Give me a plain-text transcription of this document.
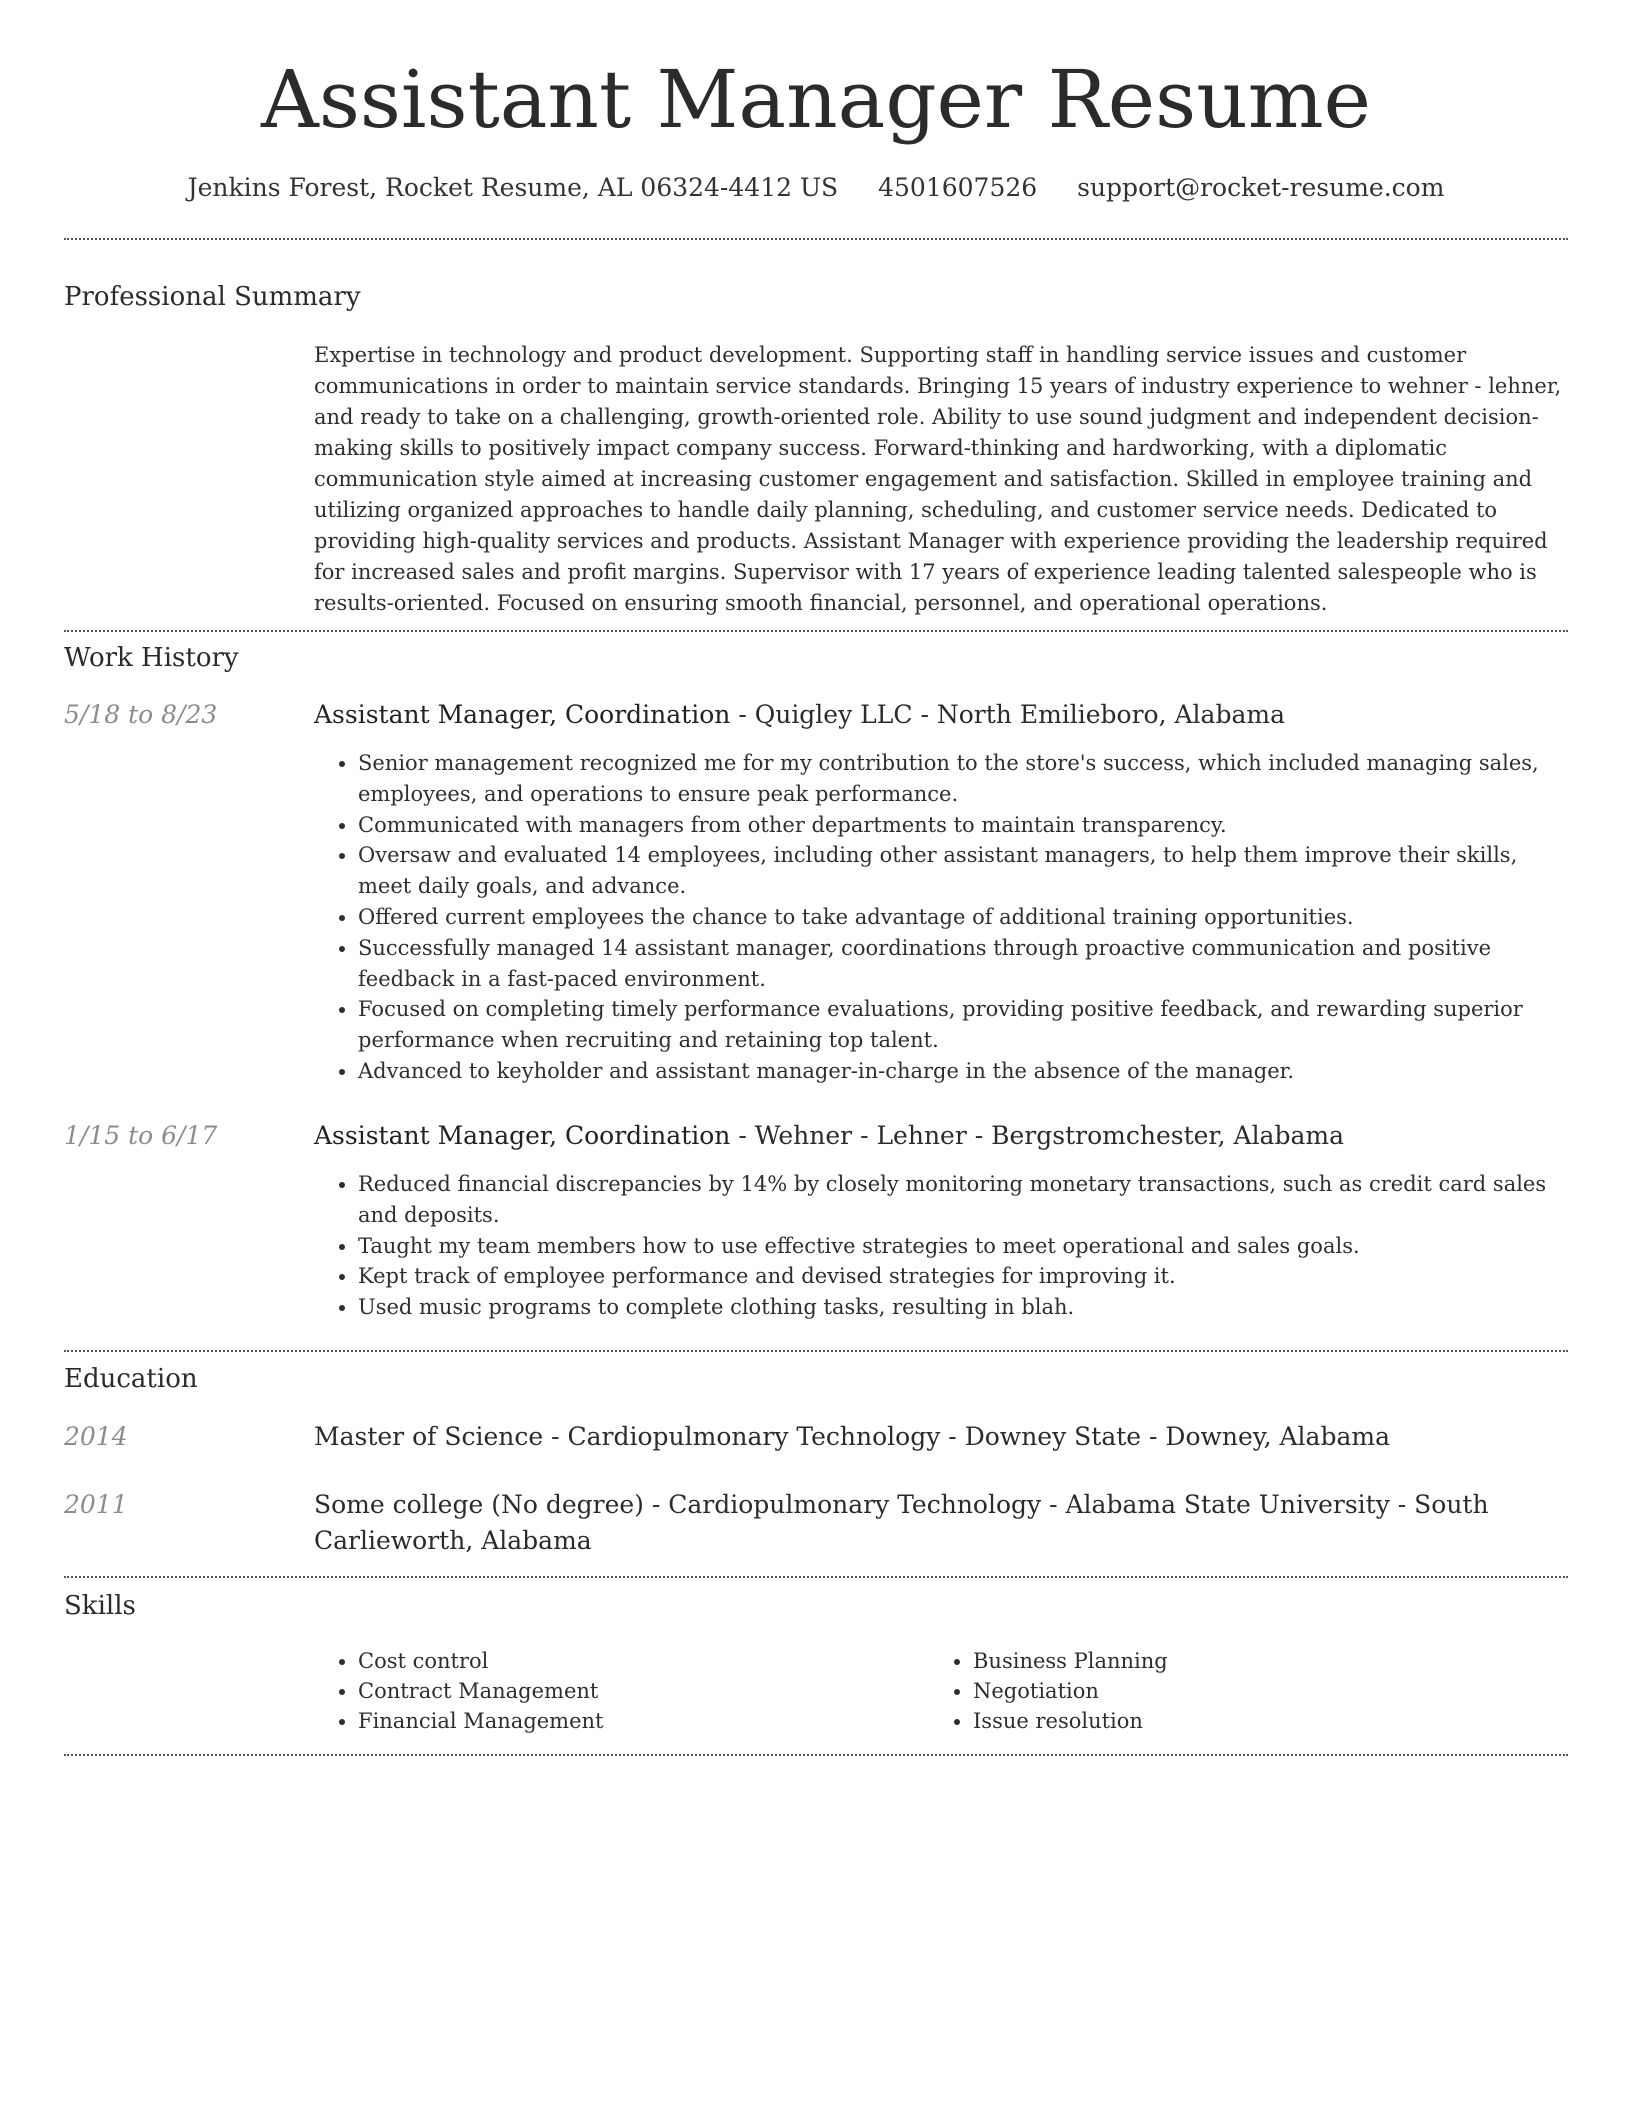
Assistant Manager Resume
Jenkins Forest, Rocket Resume, AL 06324-4412 US 4501607526 support@rocket-resume.com
Professional Summary

Expertise in technology and product development. Supporting staff in handling service issues and customer communications in order to maintain service standards. Bringing 15 years of industry experience to wehner - lehner, and ready to take on a challenging, growth-oriented role. Ability to use sound judgment and independent decision-making skills to positively impact company success. Forward-thinking and hardworking, with a diplomatic communication style aimed at increasing customer engagement and satisfaction. Skilled in employee training and utilizing organized approaches to handle daily planning, scheduling, and customer service needs. Dedicated to providing high-quality services and products. Assistant Manager with experience providing the leadership required for increased sales and profit margins. Supervisor with 17 years of experience leading talented salespeople who is results-oriented. Focused on ensuring smooth financial, personnel, and operational operations.

Work History
5/18 to 8/23	Assistant Manager, Coordination - Quigley LLC - North Emilieboro, Alabama
• Senior management recognized me for my contribution to the store's success, which included managing sales, employees, and operations to ensure peak performance.
• Communicated with managers from other departments to maintain transparency.
• Oversaw and evaluated 14 employees, including other assistant managers, to help them improve their skills, meet daily goals, and advance.
• Offered current employees the chance to take advantage of additional training opportunities.
• Successfully managed 14 assistant manager, coordinations through proactive communication and positive feedback in a fast-paced environment.
• Focused on completing timely performance evaluations, providing positive feedback, and rewarding superior performance when recruiting and retaining top talent.
• Advanced to keyholder and assistant manager-in-charge in the absence of the manager.
1/15 to 6/17	Assistant Manager, Coordination - Wehner - Lehner - Bergstromchester, Alabama
• Reduced financial discrepancies by 14% by closely monitoring monetary transactions, such as credit card sales and deposits.
• Taught my team members how to use effective strategies to meet operational and sales goals.
• Kept track of employee performance and devised strategies for improving it.
• Used music programs to complete clothing tasks, resulting in blah.
Education
2014	Master of Science - Cardiopulmonary Technology - Downey State - Downey, Alabama
2011	Some college (No degree) - Cardiopulmonary Technology - Alabama State University - South Carlieworth, Alabama
Skills
• Cost control
• Contract Management
• Financial Management
• Business Planning
• Negotiation
• Issue resolution
